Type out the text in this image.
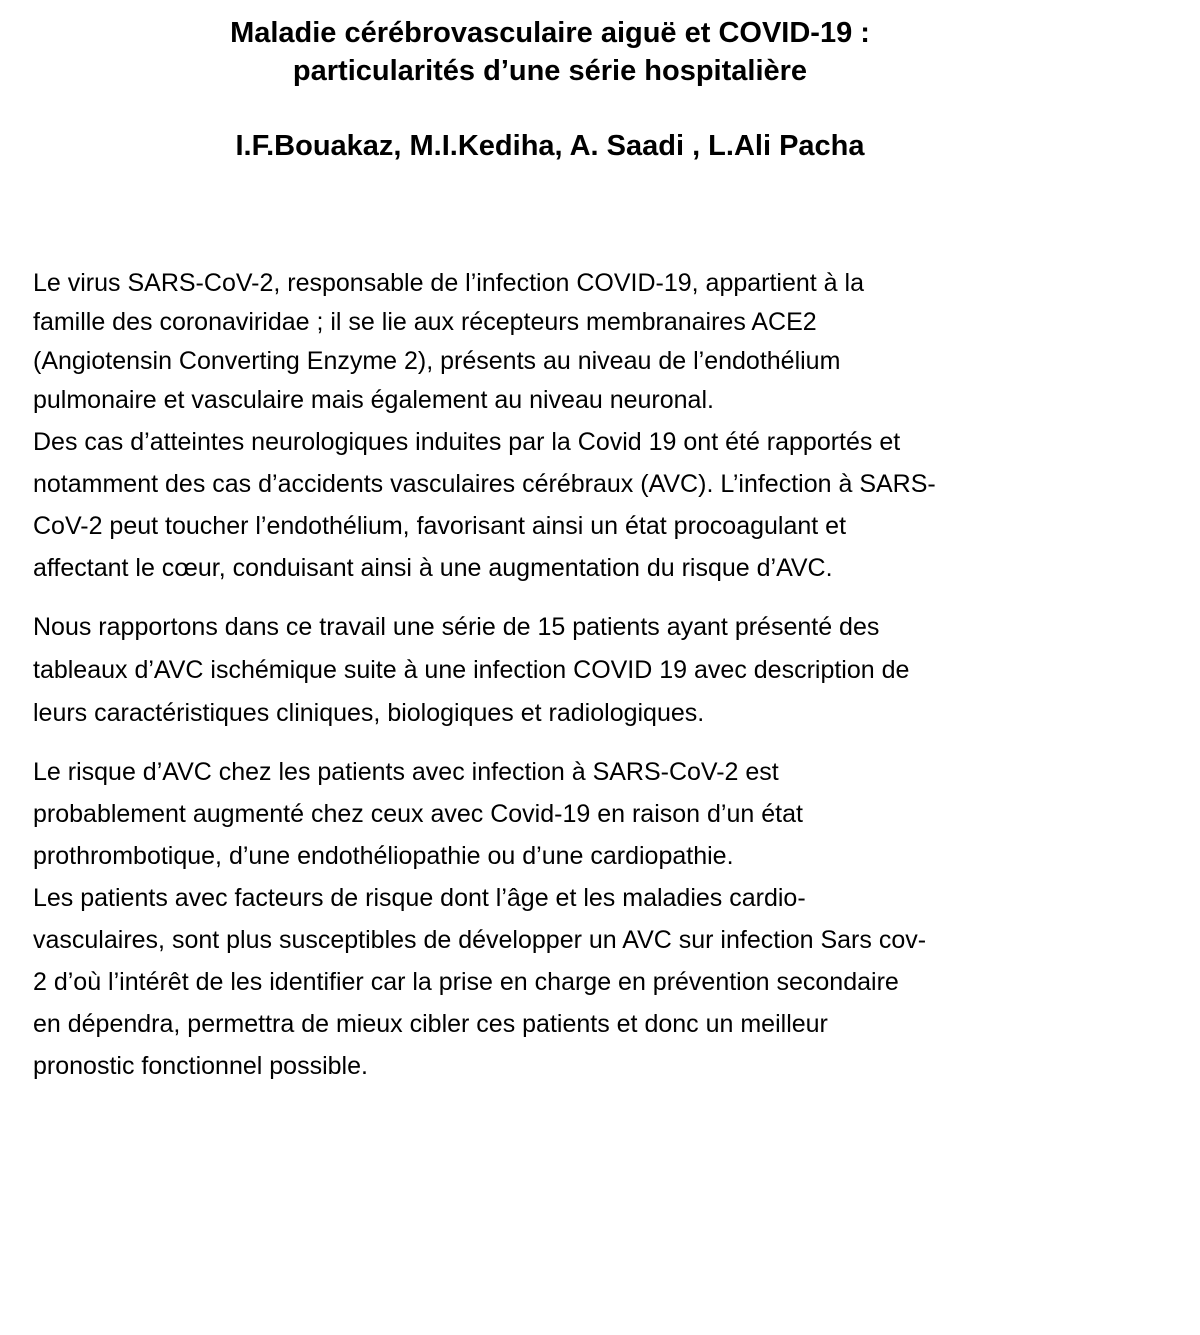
Maladie cérébrovasculaire aiguë et COVID-19 :
particularités d’une série hospitalière
I.F.Bouakaz, M.I.Kediha, A. Saadi , L.Ali Pacha
Le virus SARS-CoV-2, responsable de l’infection COVID-19, appartient à la
famille des coronaviridae ; il se lie aux récepteurs membranaires ACE2
(Angiotensin Converting Enzyme 2), présents au niveau de l’endothélium
pulmonaire et vasculaire mais également au niveau neuronal.
Des cas d’atteintes neurologiques induites par la Covid 19 ont été rapportés et
notamment des cas d’accidents vasculaires cérébraux (AVC). L’infection à SARS-
CoV-2 peut toucher l’endothélium, favorisant ainsi un état procoagulant et
affectant le cœur, conduisant ainsi à une augmentation du risque d’AVC.
Nous rapportons dans ce travail une série de 15 patients ayant présenté des
tableaux d’AVC ischémique suite à une infection COVID 19 avec description de
leurs caractéristiques cliniques, biologiques et radiologiques.
Le risque d’AVC chez les patients avec infection à SARS-CoV-2 est
probablement augmenté chez ceux avec Covid-19 en raison d’un état
prothrombotique, d’une endothéliopathie ou d’une cardiopathie.
Les patients avec facteurs de risque dont l’âge et les maladies cardio-
vasculaires, sont plus susceptibles de développer un AVC sur infection Sars cov-
2 d’où l’intérêt de les identifier car la prise en charge en prévention secondaire
en dépendra, permettra de mieux cibler ces patients et donc un meilleur
pronostic fonctionnel possible.
